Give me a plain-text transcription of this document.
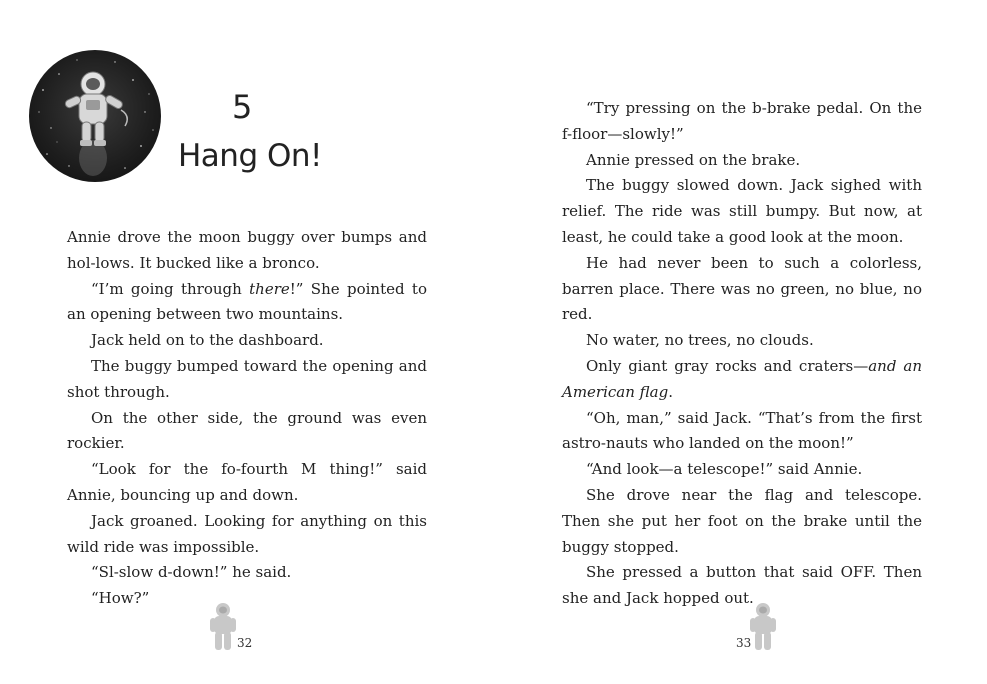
5
Hang On!

Annie drove the moon buggy over bumps and hol-lows. It bucked like a bronco.

“I’m going through there!” She pointed to an opening between two mountains.

Jack held on to the dashboard.

The buggy bumped toward the opening and shot through.

On the other side, the ground was even rockier.

“Look for the fo-fourth M thing!” said Annie, bouncing up and down.

Jack groaned. Looking for anything on this wild ride was impossible.

“Sl-slow d-down!” he said.

“How?”

32

“Try pressing on the b-brake pedal. On the f-floor—slowly!”

Annie pressed on the brake.

The buggy slowed down. Jack sighed with relief. The ride was still bumpy. But now, at least, he could take a good look at the moon.

He had never been to such a colorless, barren place. There was no green, no blue, no red.

No water, no trees, no clouds.

Only giant gray rocks and craters—and an American flag.

“Oh, man,” said Jack. “That’s from the first astro-nauts who landed on the moon!”

“And look—a telescope!” said Annie.

She drove near the flag and telescope. Then she put her foot on the brake until the buggy stopped.

She pressed a button that said OFF. Then she and Jack hopped out.

33
